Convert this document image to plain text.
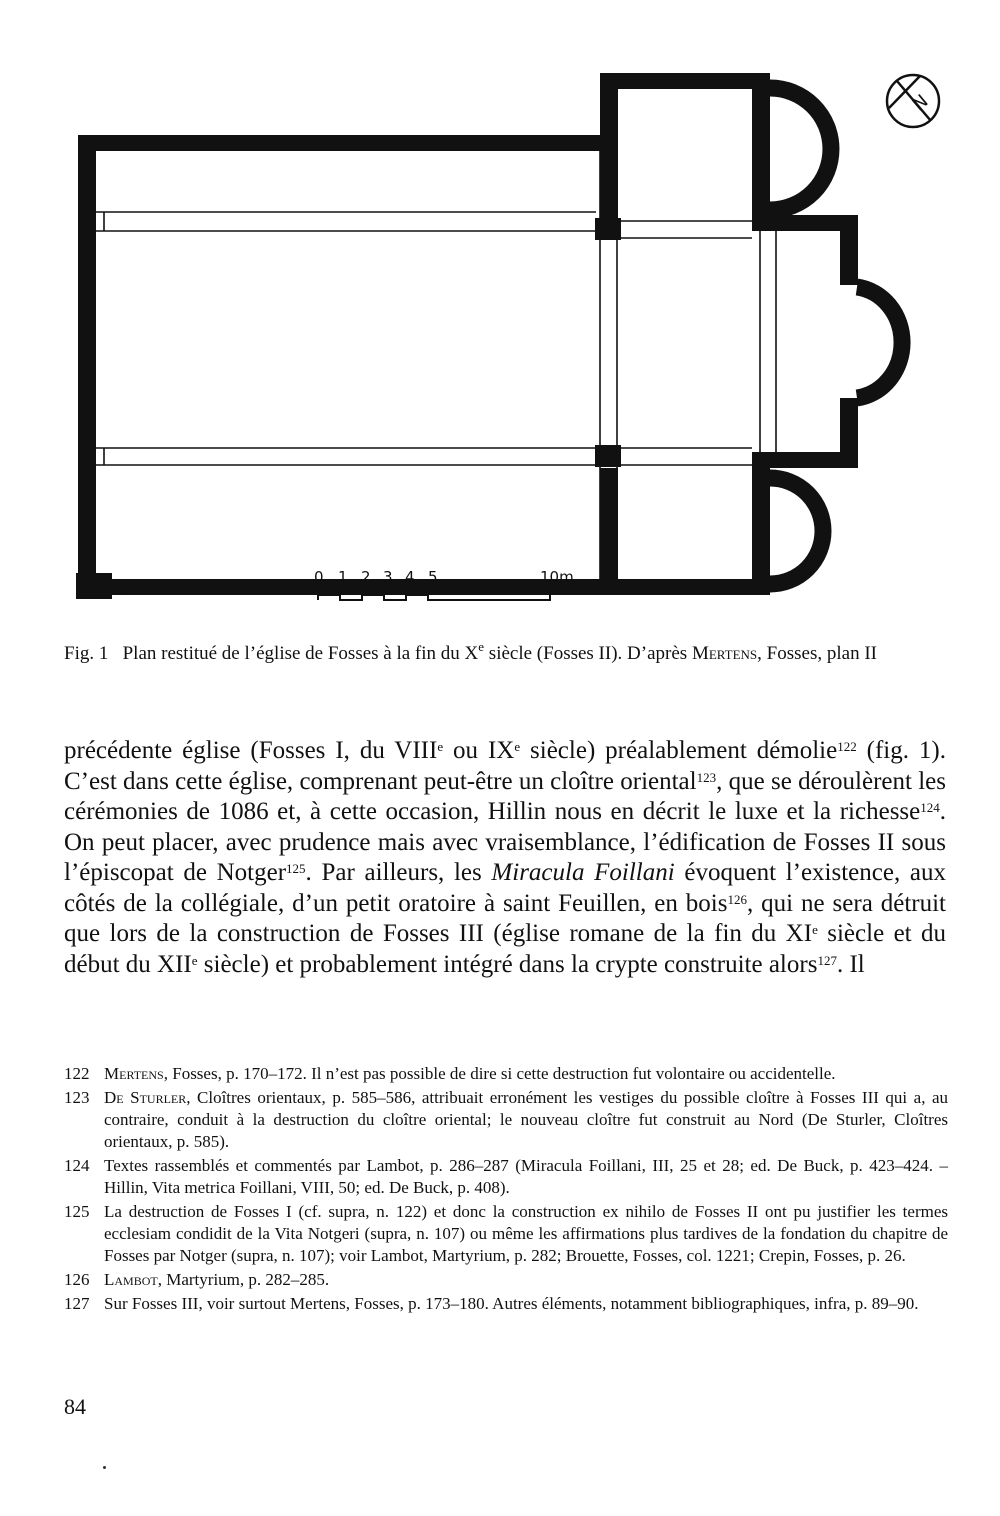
N
a
0 1 2 3 4 5	10m
Fig. 1 Plan restitué de l’église de Fosses à la fin du Xe siècle (Fosses II). D’après Mertens, Fosses, plan II

précédente église (Fosses I, du VIIIe ou IXe siècle) préalablement démolie$^{122}$ (fig. 1). C’est dans cette église, comprenant peut-être un cloître oriental$^{123}$, que se déroulèrent les cérémonies de 1086 et, à cette occasion, Hillin nous en décrit le luxe et la richesse$^{124}$. On peut placer, avec prudence mais avec vraisemblance, l’édification de Fosses II sous l’épiscopat de Notger$^{125}$. Par ailleurs, les Miracula Foillani évoquent l’existence, aux côtés de la collégiale, d’un petit oratoire à saint Feuillen, en bois$^{126}$, qui ne sera détruit que lors de la construction de Fosses III (église romane de la fin du XIe siècle et du début du XIIe siècle) et probablement intégré dans la crypte construite alors$^{127}$. Il

122 Mertens, Fosses, p. 170–172. Il n’est pas possible de dire si cette destruction fut volontaire ou accidentelle.
123 De Sturler, Cloîtres orientaux, p. 585–586, attribuait erronément les vestiges du possible cloître à Fosses III qui a, au contraire, conduit à la destruction du cloître oriental; le nouveau cloître fut construit au Nord (De Sturler, Cloîtres orientaux, p. 585).
124 Textes rassemblés et commentés par Lambot, p. 286–287 (Miracula Foillani, III, 25 et 28; ed. De Buck, p. 423–424. – Hillin, Vita metrica Foillani, VIII, 50; ed. De Buck, p. 408).
125 La destruction de Fosses I (cf. supra, n. 122) et donc la construction ex nihilo de Fosses II ont pu justifier les termes ecclesiam condidit de la Vita Notgeri (supra, n. 107) ou même les affirmations plus tardives de la fondation du chapitre de Fosses par Notger (supra, n. 107); voir Lambot, Martyrium, p. 282; Brouette, Fosses, col. 1221; Crepin, Fosses, p. 26.
126 Lambot, Martyrium, p. 282–285.
127 Sur Fosses III, voir surtout Mertens, Fosses, p. 173–180. Autres éléments, notamment bibliographiques, infra, p. 89–90.
84
